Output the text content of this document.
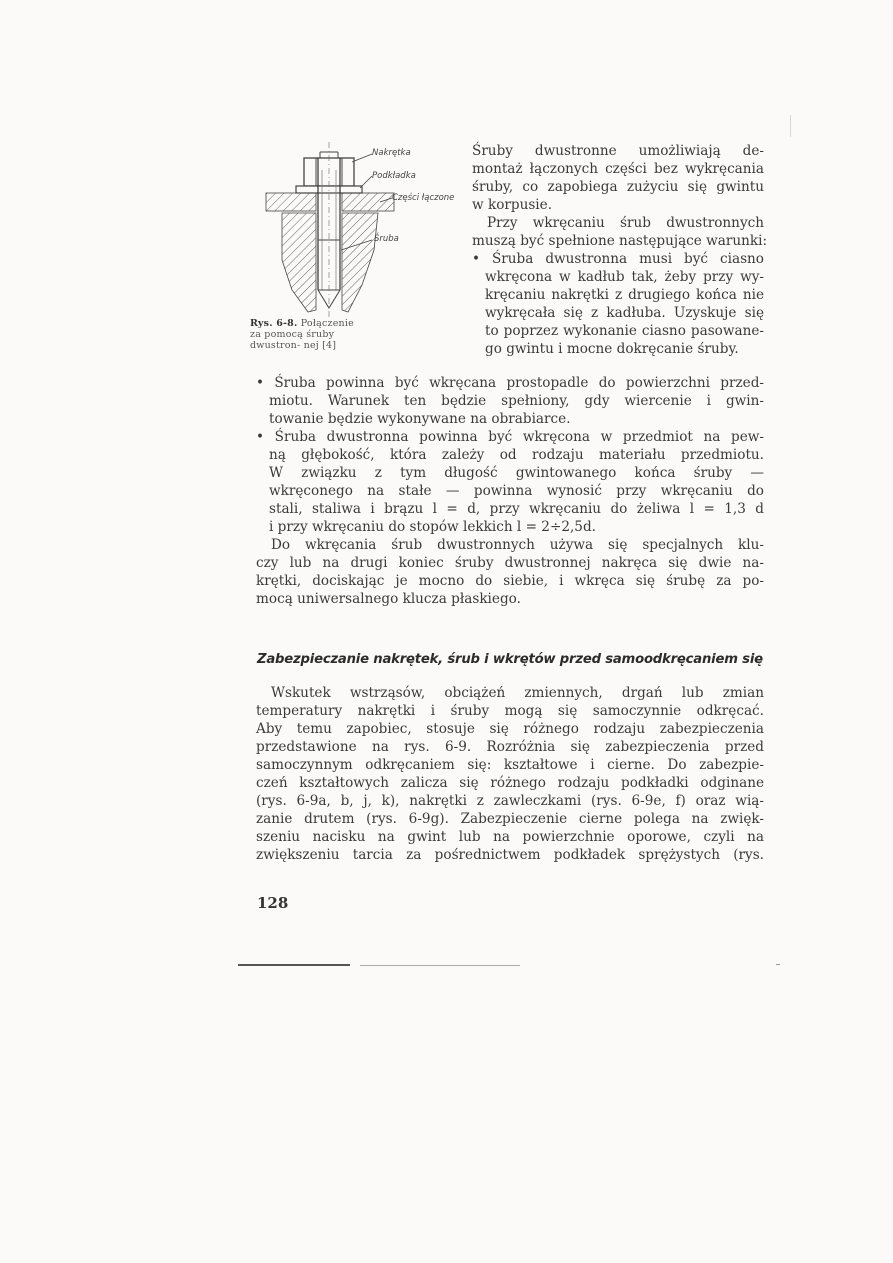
Nakrętka
Podkładka
Części łączone
Śruba
Rys. 6-8. Połączenie za pomocą śruby dwustron- nej [4]
Śruby dwustronne umożliwiają de-
montaż łączonych części bez wykręcania
śruby, co zapobiega zużyciu się gwintu
w korpusie.
Przy wkręcaniu śrub dwustronnych
muszą być spełnione następujące warunki:
• Śruba dwustronna musi być ciasno
wkręcona w kadłub tak, żeby przy wy-
kręcaniu nakrętki z drugiego końca nie
wykręcała się z kadłuba. Uzyskuje się
to poprzez wykonanie ciasno pasowane-
go gwintu i mocne dokręcanie śruby.
• Śruba powinna być wkręcana prostopadle do powierzchni przed-
miotu. Warunek ten będzie spełniony, gdy wiercenie i gwin-
towanie będzie wykonywane na obrabiarce.
• Śruba dwustronna powinna być wkręcona w przedmiot na pew-
ną głębokość, która zależy od rodzaju materiału przedmiotu.
W związku z tym długość gwintowanego końca śruby —
wkręconego na stałe — powinna wynosić przy wkręcaniu do
stali, staliwa i brązu l = d, przy wkręcaniu do żeliwa l = 1,3 d
i przy wkręcaniu do stopów lekkich l = 2÷2,5d.
Do wkręcania śrub dwustronnych używa się specjalnych klu-
czy lub na drugi koniec śruby dwustronnej nakręca się dwie na-
krętki, dociskając je mocno do siebie, i wkręca się śrubę za po-
mocą uniwersalnego klucza płaskiego.
Zabezpieczanie nakrętek, śrub i wkrętów przed samoodkręcaniem się
Wskutek wstrząsów, obciążeń zmiennych, drgań lub zmian
temperatury nakrętki i śruby mogą się samoczynnie odkręcać.
Aby temu zapobiec, stosuje się różnego rodzaju zabezpieczenia
przedstawione na rys. 6-9. Rozróżnia się zabezpieczenia przed
samoczynnym odkręcaniem się: kształtowe i cierne. Do zabezpie-
czeń kształtowych zalicza się różnego rodzaju podkładki odginane
(rys. 6-9a, b, j, k), nakrętki z zawleczkami (rys. 6-9e, f) oraz wią-
zanie drutem (rys. 6-9g). Zabezpieczenie cierne polega na zwięk-
szeniu nacisku na gwint lub na powierzchnie oporowe, czyli na
zwiększeniu tarcia za pośrednictwem podkładek sprężystych (rys.
128
